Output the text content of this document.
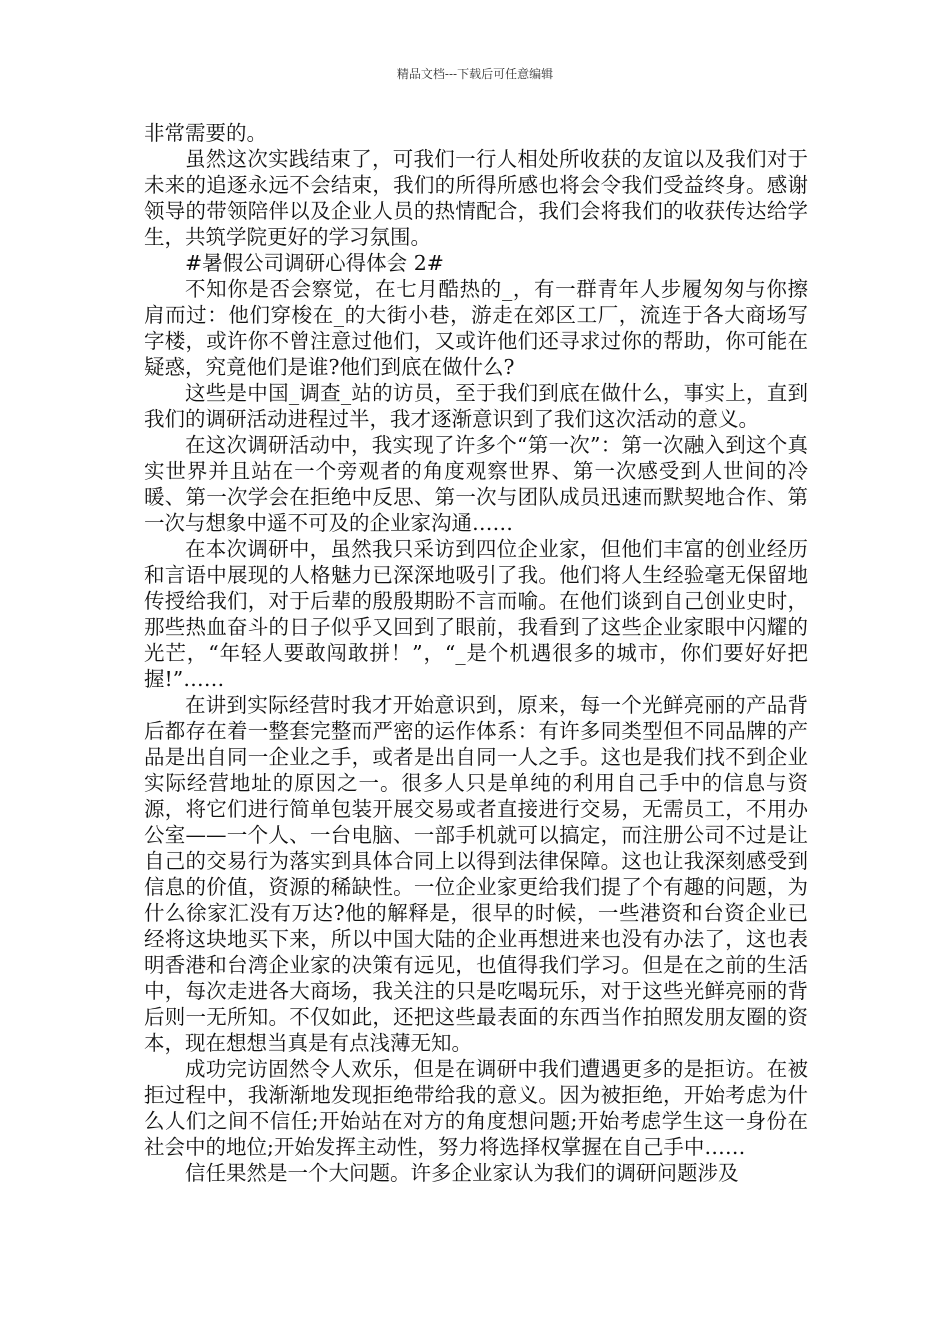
精品文档---下载后可任意编辑

非常需要的。

虽然这次实践结束了，可我们一行人相处所收获的友谊以及我们对于未来的追逐永远不会结束，我们的所得所感也将会令我们受益终身。感谢领导的带领陪伴以及企业人员的热情配合，我们会将我们的收获传达给学生，共筑学院更好的学习氛围。

#暑假公司调研心得体会 2#

不知你是否会察觉，在七月酷热的_，有一群青年人步履匆匆与你擦肩而过：他们穿梭在_的大街小巷，游走在郊区工厂，流连于各大商场写字楼，或许你不曾注意过他们，又或许他们还寻求过你的帮助，你可能在疑惑，究竟他们是谁?他们到底在做什么?

这些是中国_调查_站的访员，至于我们到底在做什么，事实上，直到我们的调研活动进程过半，我才逐渐意识到了我们这次活动的意义。

在这次调研活动中，我实现了许多个“第一次”：第一次融入到这个真实世界并且站在一个旁观者的角度观察世界、第一次感受到人世间的冷暖、第一次学会在拒绝中反思、第一次与团队成员迅速而默契地合作、第一次与想象中遥不可及的企业家沟通……

在本次调研中，虽然我只采访到四位企业家，但他们丰富的创业经历和言语中展现的人格魅力已深深地吸引了我。他们将人生经验毫无保留地传授给我们，对于后辈的殷殷期盼不言而喻。在他们谈到自己创业史时，那些热血奋斗的日子似乎又回到了眼前，我看到了这些企业家眼中闪耀的光芒，“年轻人要敢闯敢拼！”，“_是个机遇很多的城市，你们要好好把握!”……

在讲到实际经营时我才开始意识到，原来，每一个光鲜亮丽的产品背后都存在着一整套完整而严密的运作体系：有许多同类型但不同品牌的产品是出自同一企业之手，或者是出自同一人之手。这也是我们找不到企业实际经营地址的原因之一。很多人只是单纯的利用自己手中的信息与资源，将它们进行简单包装开展交易或者直接进行交易，无需员工，不用办公室——一个人、一台电脑、一部手机就可以搞定，而注册公司不过是让自己的交易行为落实到具体合同上以得到法律保障。这也让我深刻感受到信息的价值，资源的稀缺性。一位企业家更给我们提了个有趣的问题，为什么徐家汇没有万达?他的解释是，很早的时候，一些港资和台资企业已经将这块地买下来，所以中国大陆的企业再想进来也没有办法了，这也表明香港和台湾企业家的决策有远见，也值得我们学习。但是在之前的生活中，每次走进各大商场，我关注的只是吃喝玩乐，对于这些光鲜亮丽的背后则一无所知。不仅如此，还把这些最表面的东西当作拍照发朋友圈的资本，现在想想当真是有点浅薄无知。

成功完访固然令人欢乐，但是在调研中我们遭遇更多的是拒访。在被拒过程中，我渐渐地发现拒绝带给我的意义。因为被拒绝，开始考虑为什么人们之间不信任;开始站在对方的角度想问题;开始考虑学生这一身份在社会中的地位;开始发挥主动性，努力将选择权掌握在自己手中……

信任果然是一个大问题。许多企业家认为我们的调研问题涉及
